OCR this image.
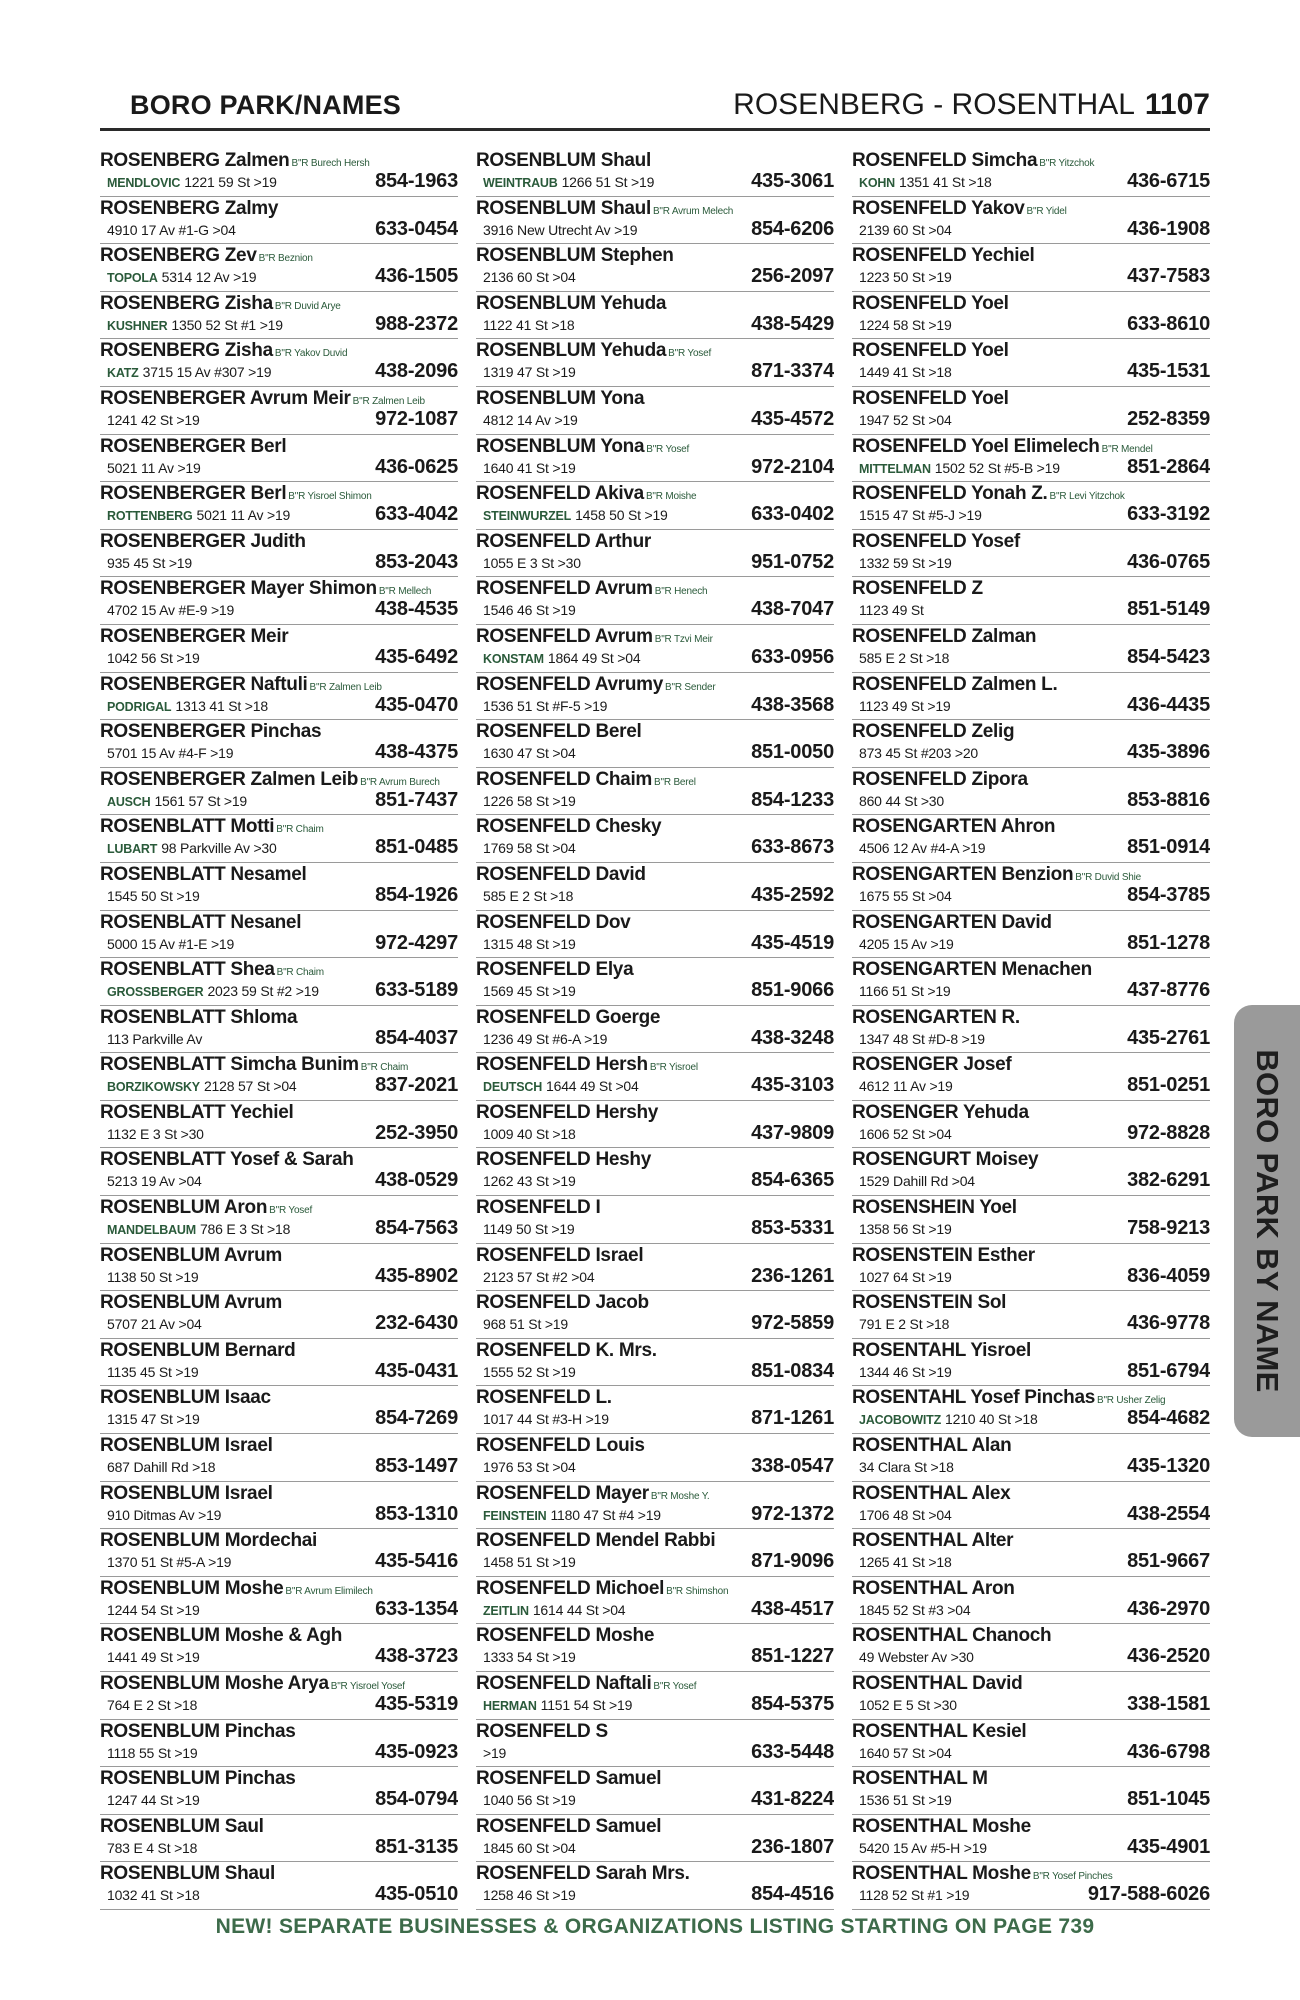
BORO PARK/NAMES	ROSENBERG - ROSENTHAL 1107
ROSENBERG Zalmen B"R Burech Hersh
MENDLOVIC 1221 59 St >19	854-1963
ROSENBERG Zalmy
4910 17 Av #1-G >04	633-0454
ROSENBERG Zev B"R Beznion
TOPOLA 5314 12 Av >19	436-1505
ROSENBERG Zisha B"R Duvid Arye
KUSHNER 1350 52 St #1 >19	988-2372
ROSENBERG Zisha B"R Yakov Duvid
KATZ 3715 15 Av #307 >19	438-2096
ROSENBERGER Avrum Meir B"R Zalmen Leib
1241 42 St >19	972-1087
ROSENBERGER Berl
5021 11 Av >19	436-0625
ROSENBERGER Berl B"R Yisroel Shimon
ROTTENBERG 5021 11 Av >19	633-4042
ROSENBERGER Judith
935 45 St >19	853-2043
ROSENBERGER Mayer Shimon B"R Mellech
4702 15 Av #E-9 >19	438-4535
ROSENBERGER Meir
1042 56 St >19	435-6492
ROSENBERGER Naftuli B"R Zalmen Leib
PODRIGAL 1313 41 St >18	435-0470
ROSENBERGER Pinchas
5701 15 Av #4-F >19	438-4375
ROSENBERGER Zalmen Leib B"R Avrum Burech
AUSCH 1561 57 St >19	851-7437
ROSENBLATT Motti B"R Chaim
LUBART 98 Parkville Av >30	851-0485
ROSENBLATT Nesamel
1545 50 St >19	854-1926
ROSENBLATT Nesanel
5000 15 Av #1-E >19	972-4297
ROSENBLATT Shea B"R Chaim
GROSSBERGER 2023 59 St #2 >19	633-5189
ROSENBLATT Shloma
113 Parkville Av	854-4037
ROSENBLATT Simcha Bunim B"R Chaim
BORZIKOWSKY 2128 57 St >04	837-2021
ROSENBLATT Yechiel
1132 E 3 St >30	252-3950
ROSENBLATT Yosef & Sarah
5213 19 Av >04	438-0529
ROSENBLUM Aron B"R Yosef
MANDELBAUM 786 E 3 St >18	854-7563
ROSENBLUM Avrum
1138 50 St >19	435-8902
ROSENBLUM Avrum
5707 21 Av >04	232-6430
ROSENBLUM Bernard
1135 45 St >19	435-0431
ROSENBLUM Isaac
1315 47 St >19	854-7269
ROSENBLUM Israel
687 Dahill Rd >18	853-1497
ROSENBLUM Israel
910 Ditmas Av >19	853-1310
ROSENBLUM Mordechai
1370 51 St #5-A >19	435-5416
ROSENBLUM Moshe B"R Avrum Elimilech
1244 54 St >19	633-1354
ROSENBLUM Moshe & Agh
1441 49 St >19	438-3723
ROSENBLUM Moshe Arya B"R Yisroel Yosef
764 E 2 St >18	435-5319
ROSENBLUM Pinchas
1118 55 St >19	435-0923
ROSENBLUM Pinchas
1247 44 St >19	854-0794
ROSENBLUM Saul
783 E 4 St >18	851-3135
ROSENBLUM Shaul
1032 41 St >18	435-0510
ROSENBLUM Shaul
WEINTRAUB 1266 51 St >19	435-3061
ROSENBLUM Shaul B"R Avrum Melech
3916 New Utrecht Av >19	854-6206
ROSENBLUM Stephen
2136 60 St >04	256-2097
ROSENBLUM Yehuda
1122 41 St >18	438-5429
ROSENBLUM Yehuda B"R Yosef
1319 47 St >19	871-3374
ROSENBLUM Yona
4812 14 Av >19	435-4572
ROSENBLUM Yona B"R Yosef
1640 41 St >19	972-2104
ROSENFELD Akiva B"R Moishe
STEINWURZEL 1458 50 St >19	633-0402
ROSENFELD Arthur
1055 E 3 St >30	951-0752
ROSENFELD Avrum B"R Henech
1546 46 St >19	438-7047
ROSENFELD Avrum B"R Tzvi Meir
KONSTAM 1864 49 St >04	633-0956
ROSENFELD Avrumy B"R Sender
1536 51 St #F-5 >19	438-3568
ROSENFELD Berel
1630 47 St >04	851-0050
ROSENFELD Chaim B"R Berel
1226 58 St >19	854-1233
ROSENFELD Chesky
1769 58 St >04	633-8673
ROSENFELD David
585 E 2 St >18	435-2592
ROSENFELD Dov
1315 48 St >19	435-4519
ROSENFELD Elya
1569 45 St >19	851-9066
ROSENFELD Goerge
1236 49 St #6-A >19	438-3248
ROSENFELD Hersh B"R Yisroel
DEUTSCH 1644 49 St >04	435-3103
ROSENFELD Hershy
1009 40 St >18	437-9809
ROSENFELD Heshy
1262 43 St >19	854-6365
ROSENFELD I
1149 50 St >19	853-5331
ROSENFELD Israel
2123 57 St #2 >04	236-1261
ROSENFELD Jacob
968 51 St >19	972-5859
ROSENFELD K. Mrs.
1555 52 St >19	851-0834
ROSENFELD L.
1017 44 St #3-H >19	871-1261
ROSENFELD Louis
1976 53 St >04	338-0547
ROSENFELD Mayer B"R Moshe Y.
FEINSTEIN 1180 47 St #4 >19	972-1372
ROSENFELD Mendel Rabbi
1458 51 St >19	871-9096
ROSENFELD Michoel B"R Shimshon
ZEITLIN 1614 44 St >04	438-4517
ROSENFELD Moshe
1333 54 St >19	851-1227
ROSENFELD Naftali B"R Yosef
HERMAN 1151 54 St >19	854-5375
ROSENFELD S
>19	633-5448
ROSENFELD Samuel
1040 56 St >19	431-8224
ROSENFELD Samuel
1845 60 St >04	236-1807
ROSENFELD Sarah Mrs.
1258 46 St >19	854-4516
ROSENFELD Simcha B"R Yitzchok
KOHN 1351 41 St >18	436-6715
ROSENFELD Yakov B"R Yidel
2139 60 St >04	436-1908
ROSENFELD Yechiel
1223 50 St >19	437-7583
ROSENFELD Yoel
1224 58 St >19	633-8610
ROSENFELD Yoel
1449 41 St >18	435-1531
ROSENFELD Yoel
1947 52 St >04	252-8359
ROSENFELD Yoel Elimelech B"R Mendel
MITTELMAN 1502 52 St #5-B >19	851-2864
ROSENFELD Yonah Z. B"R Levi Yitzchok
1515 47 St #5-J >19	633-3192
ROSENFELD Yosef
1332 59 St >19	436-0765
ROSENFELD Z
1123 49 St	851-5149
ROSENFELD Zalman
585 E 2 St >18	854-5423
ROSENFELD Zalmen L.
1123 49 St >19	436-4435
ROSENFELD Zelig
873 45 St #203 >20	435-3896
ROSENFELD Zipora
860 44 St >30	853-8816
ROSENGARTEN Ahron
4506 12 Av #4-A >19	851-0914
ROSENGARTEN Benzion B"R Duvid Shie
1675 55 St >04	854-3785
ROSENGARTEN David
4205 15 Av >19	851-1278
ROSENGARTEN Menachen
1166 51 St >19	437-8776
ROSENGARTEN R.
1347 48 St #D-8 >19	435-2761
ROSENGER Josef
4612 11 Av >19	851-0251
ROSENGER Yehuda
1606 52 St >04	972-8828
ROSENGURT Moisey
1529 Dahill Rd >04	382-6291
ROSENSHEIN Yoel
1358 56 St >19	758-9213
ROSENSTEIN Esther
1027 64 St >19	836-4059
ROSENSTEIN Sol
791 E 2 St >18	436-9778
ROSENTAHL Yisroel
1344 46 St >19	851-6794
ROSENTAHL Yosef Pinchas B"R Usher Zelig
JACOBOWITZ 1210 40 St >18	854-4682
ROSENTHAL Alan
34 Clara St >18	435-1320
ROSENTHAL Alex
1706 48 St >04	438-2554
ROSENTHAL Alter
1265 41 St >18	851-9667
ROSENTHAL Aron
1845 52 St #3 >04	436-2970
ROSENTHAL Chanoch
49 Webster Av >30	436-2520
ROSENTHAL David
1052 E 5 St >30	338-1581
ROSENTHAL Kesiel
1640 57 St >04	436-6798
ROSENTHAL M
1536 51 St >19	851-1045
ROSENTHAL Moshe
5420 15 Av #5-H >19	435-4901
ROSENTHAL Moshe B"R Yosef Pinches
1128 52 St #1 >19	917-588-6026
BORO PARK BY NAME
NEW! SEPARATE BUSINESSES & ORGANIZATIONS LISTING STARTING ON PAGE 739
